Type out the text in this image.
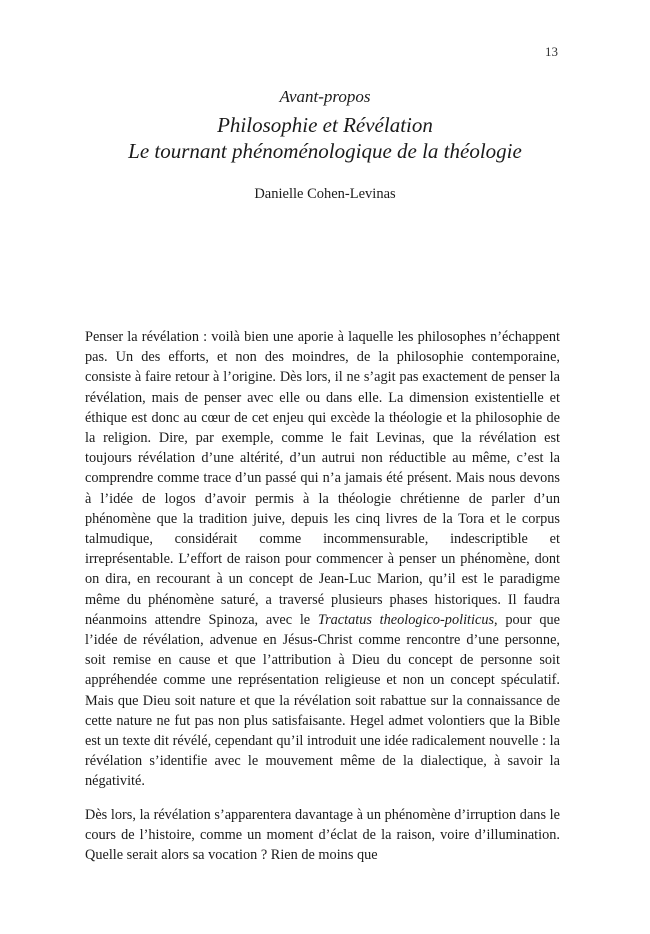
13

Avant-propos

Philosophie et Révélation
Le tournant phénoménologique de la théologie

Danielle Cohen-Levinas

Penser la révélation : voilà bien une aporie à laquelle les philosophes n’échappent pas. Un des efforts, et non des moindres, de la philosophie contemporaine, consiste à faire retour à l’origine. Dès lors, il ne s’agit pas exactement de penser la révélation, mais de penser avec elle ou dans elle. La dimension existentielle et éthique est donc au cœur de cet enjeu qui excède la théologie et la philosophie de la religion. Dire, par exemple, comme le fait Levinas, que la révélation est toujours révélation d’une altérité, d’un autrui non réductible au même, c’est la comprendre comme trace d’un passé qui n’a jamais été présent. Mais nous devons à l’idée de logos d’avoir permis à la théologie chrétienne de parler d’un phénomène que la tradition juive, depuis les cinq livres de la Tora et le corpus talmudique, considérait comme incommensurable, indescriptible et irreprésentable. L’effort de raison pour commencer à penser un phénomène, dont on dira, en recourant à un concept de Jean-Luc Marion, qu’il est le paradigme même du phénomène saturé, a traversé plusieurs phases historiques. Il faudra néanmoins attendre Spinoza, avec le Tractatus theologico-politicus, pour que l’idée de révélation, advenue en Jésus-Christ comme rencontre d’une personne, soit remise en cause et que l’attribution à Dieu du concept de personne soit appréhendée comme une représentation religieuse et non un concept spéculatif. Mais que Dieu soit nature et que la révélation soit rabattue sur la connaissance de cette nature ne fut pas non plus satisfaisante. Hegel admet volontiers que la Bible est un texte dit révélé, cependant qu’il introduit une idée radicalement nouvelle : la révélation s’identifie avec le mouvement même de la dialectique, à savoir la négativité.

Dès lors, la révélation s’apparentera davantage à un phénomène d’irruption dans le cours de l’histoire, comme un moment d’éclat de la raison, voire d’illumination. Quelle serait alors sa vocation ? Rien de moins que
